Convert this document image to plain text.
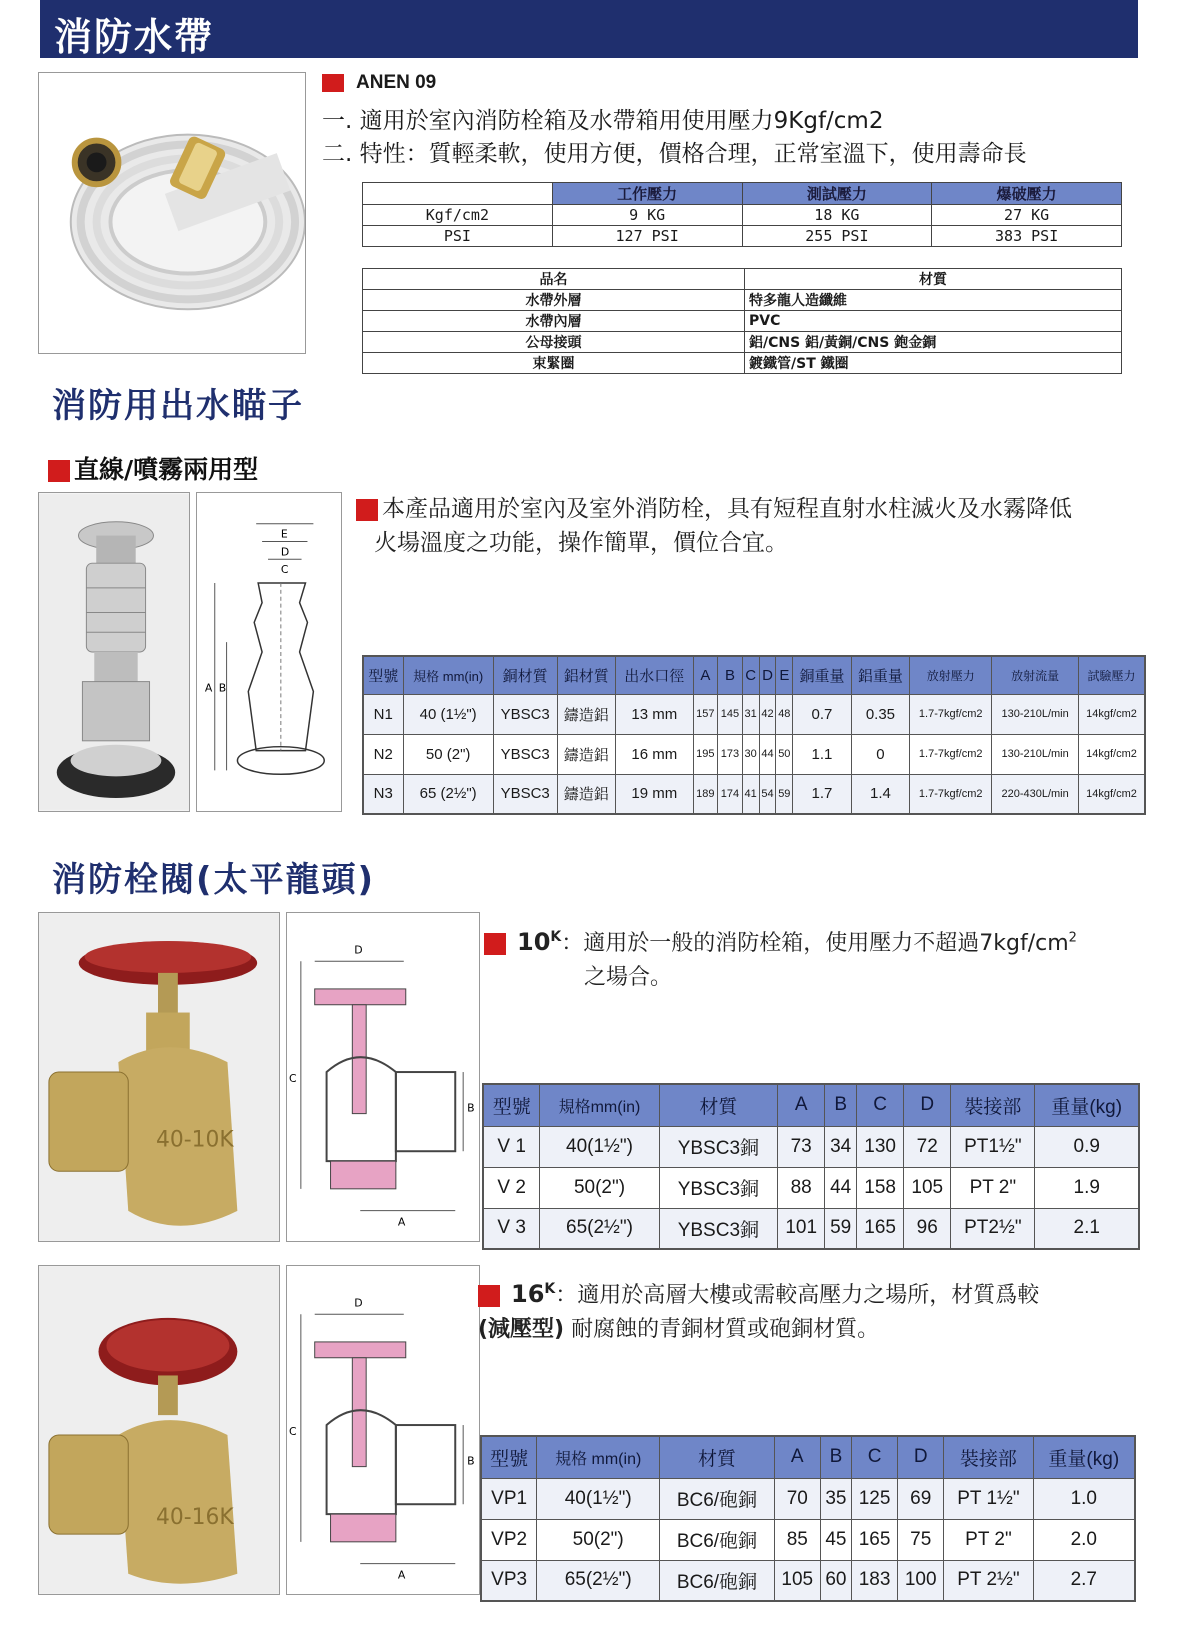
消防水帶
ANEN 09
一. 適用於室內消防栓箱及水帶箱用使用壓力9Kgf/cm2
二. 特性：質輕柔軟，使用方便，價格合理，正常室溫下，使用壽命長
	工作壓力	測試壓力	爆破壓力
Kgf/cm2	9 KG	18 KG	27 KG
PSI	127 PSI	255 PSI	383 PSI
品名	材質
水帶外層	特多龍人造纖維
水帶內層	PVC
公母接頭	鋁/CNS 鋁/黃銅/CNS 鉋金銅
束緊圈	鍍鐵管/ST 鐵圈
消防用出水瞄子
直線/噴霧兩用型
E
D
C
A B
本產品適用於室內及室外消防栓，具有短程直射水柱滅火及水霧降低
火場溫度之功能，操作簡單，價位合宜。
型號	規格 mm(in)	銅材質	鋁材質	出水口徑	A	B	C	D	E	銅重量	鋁重量	放射壓力	放射流量	試驗壓力
N1	40 (1½")	YBSC3	鑄造鋁	13 mm	157	145	31	42	48	0.7	0.35	1.7-7kgf/cm2	130-210L/min	14kgf/cm2
N2	50 (2")	YBSC3	鑄造鋁	16 mm	195	173	30	44	50	1.1	0	1.7-7kgf/cm2	130-210L/min	14kgf/cm2
N3	65 (2½")	YBSC3	鑄造鋁	19 mm	189	174	41	54	59	1.7	1.4	1.7-7kgf/cm2	220-430L/min	14kgf/cm2
消防栓閥(太平龍頭)
40-10K
D
C
B
A
$10^K$：適用於一般的消防栓箱，使用壓力不超過$7kgf/cm^2$
之場合。
型號	規格mm(in)	材質	A	B	C	D	裝接部	重量(kg)
V 1	40(1½")	YBSC3銅	73	34	130	72	PT1½"	0.9
V 2	50(2")	YBSC3銅	88	44	158	105	PT 2"	1.9
V 3	65(2½")	YBSC3銅	101	59	165	96	PT2½"	2.1
40-16K
D
C
B
A
$16^K$：適用於高層大樓或需較高壓力之場所，材質爲較
(減壓型) 耐腐蝕的青銅材質或砲銅材質。
型號	規格 mm(in)	材質	A	B	C	D	裝接部	重量(kg)
VP1	40(1½")	BC6/砲銅	70	35	125	69	PT 1½"	1.0
VP2	50(2")	BC6/砲銅	85	45	165	75	PT 2"	2.0
VP3	65(2½")	BC6/砲銅	105	60	183	100	PT 2½"	2.7
